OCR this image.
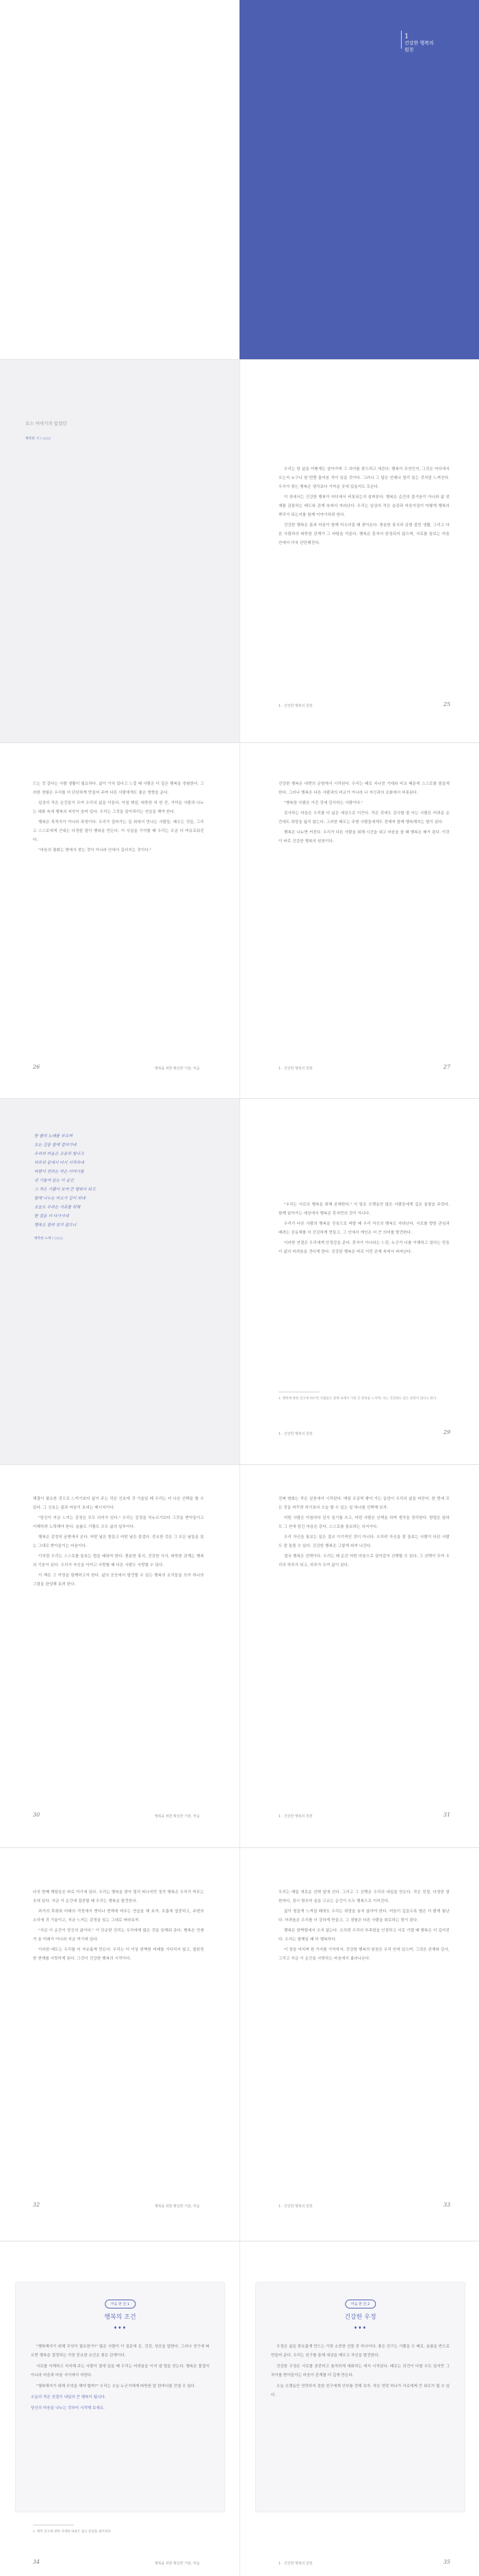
1
건강한 행복의
원천
오스 이야기의 있었던
행복한 시 / ○○○

우리는 한 삶을 어떻게든 살아가며 그 의미를 찾으려고 애쓴다. 행복이 무엇인지, 그것은 어디에서 오는지 누구나 한 번쯤 물어본 적이 있을 것이다. 그러나 그 답은 언제나 멀리 있는 것처럼 느껴진다. 우리가 찾는 행복은 생각보다 가까운 곳에 있을지도 모른다.

이 장에서는 건강한 행복이 어디에서 비롯되는지 살펴본다. 행복은 순간의 즐거움이 아니라 삶 전체를 관통하는 태도와 관계 속에서 자라난다. 우리는 일상의 작은 습관과 마음가짐이 어떻게 행복의 뿌리가 되는지를 함께 이야기하려 한다.

건강한 행복은 몸과 마음이 함께 어우러질 때 찾아온다. 충분한 휴식과 균형 잡힌 생활, 그리고 다른 사람과의 따뜻한 관계가 그 바탕을 이룬다. 행복은 혼자서 완성되지 않으며, 서로를 돌보는 마음 안에서 더욱 단단해진다.

1 · 건강한 행복의 원천	25

드는 것 같다는 사람 생활이 필요하다. 삶이 가치 있다고 느낄 때 사람은 더 깊은 행복을 경험한다. 그러한 경험은 우리를 더 단단하게 만들어 주며 다른 사람에게도 좋은 영향을 준다.

일상의 작은 순간들이 모여 우리의 삶을 이룬다. 아침 햇살, 따뜻한 차 한 잔, 가까운 사람과 나누는 대화 속에 행복의 씨앗이 숨어 있다. 우리는 그것을 알아차리는 연습을 해야 한다.

행복은 목적지가 아니라 과정이다. 우리가 걸어가는 길 위에서 만나는 사람들, 배우는 것들, 그리고 스스로에게 건네는 다정한 말이 행복을 만든다. 이 사실을 기억할 때 우리는 조금 더 여유로워진다.

"마음의 평화는 밖에서 찾는 것이 아니라 안에서 길러지는 것이다."

26	행복을 위한 확실한 기술, 마음

건강한 행복은 내면의 균형에서 시작된다. 우리는 때로 지나친 기대와 비교 때문에 스스로를 힘들게 한다. 그러나 행복은 다른 사람과의 비교가 아니라 나 자신과의 조화에서 비롯된다.

"행복한 사람은 가진 것에 감사하는 사람이다."

감사하는 마음은 우리를 더 넓은 세상으로 이끈다. 작은 것에도 감사할 줄 아는 사람은 어려운 순간에도 희망을 잃지 않는다. 그러한 태도는 주변 사람들에게도 전해져 함께 행복해지는 힘이 된다.

행복은 나누면 커진다. 우리가 다른 사람을 위해 시간을 내고 마음을 쓸 때 행복은 배가 된다. 이것이 바로 건강한 행복의 원천이다.

1 · 건강한 행복의 원천	27
한 줄의 노래를 부르며
오는 길을 함께 걸어가네
우리의 마음은 조용히 빛나고
하루의 끝에서 다시 시작하네
바람이 전하는 작은 이야기를
귀 기울여 듣는 이 순간
그 작은 기쁨이 모여 큰 행복이 되고
함께 나누는 미소가 길이 되네
오늘도 우리는 서로를 위해
한 걸음 더 다가서네
행복은 멀리 있지 않으니
행복한 노래 / ○○○

"우리는 서로의 행복을 위해 존재한다." 이 말은 오랫동안 많은 사람들에게 깊은 울림을 주었다. 함께 살아가는 세상에서 행복은 혼자만의 것이 아니다.

우리가 다른 사람의 행복을 진심으로 바랄 때 우리 자신의 행복도 자라난다. 서로를 향한 관심과 배려는 공동체를 더 건강하게 만들고, 그 안에서 개인은 더 큰 의미를 발견한다.

이러한 연결은 우리에게 안정감을 준다. 혼자가 아니라는 느낌, 누군가 나를 이해하고 있다는 믿음이 삶의 어려움을 견디게 한다. 건강한 행복은 바로 이런 관계 속에서 피어난다.

1. 행복에 관한 연구에 따르면 사람들은 관계 속에서 가장 큰 만족을 느끼며, 이는 건강과도 깊은 관련이 있다고 한다.
1 · 건강한 행복의 원천	29

해결이 필요한 것으로 느끼기보다 삶이 주는 작은 신호에 귀 기울일 때 우리는 더 나은 선택을 할 수 있다. 그 신호는 몸과 마음이 보내는 메시지이다.

"당신이 지금 느끼는 감정은 모두 의미가 있다." 우리는 감정을 억누르기보다 그것을 받아들이고 이해하려 노력해야 한다. 슬픔도 기쁨도 모두 삶의 일부이다.

행복은 감정의 균형에서 온다. 어떤 날은 힘들고 어떤 날은 즐겁다. 중요한 것은 그 모든 날들을 있는 그대로 받아들이는 마음이다.

이처럼 우리는 스스로를 돌보는 법을 배워야 한다. 충분한 휴식, 건강한 식사, 따뜻한 관계는 행복의 기본이 된다. 우리가 자신을 아끼고 사랑할 때 다른 사람도 사랑할 수 있다.

이 책은 그 여정을 함께하고자 한다. 삶의 곳곳에서 발견할 수 있는 행복의 조각들을 모아 하나의 그림을 완성해 보려 한다.

30	행복을 위한 확실한 기술, 마음

진짜 변화는 작은 실천에서 시작된다. 매일 조금씩 쌓아 가는 습관이 우리의 삶을 바꾼다. 한 번에 모든 것을 바꾸려 하기보다 오늘 할 수 있는 일 하나를 선택해 보자.

어떤 사람은 아침마다 감사 일기를 쓰고, 어떤 사람은 산책을 하며 생각을 정리한다. 방법은 달라도 그 안에 담긴 마음은 같다. 스스로를 돌보려는 의지이다.

우리 자신을 돌보는 일은 결코 이기적인 것이 아니다. 오히려 자신을 잘 돌보는 사람이 다른 사람도 잘 돌볼 수 있다. 건강한 행복은 그렇게 퍼져 나간다.

결국 행복은 선택이다. 우리는 매 순간 어떤 마음으로 살아갈지 선택할 수 있다. 그 선택이 모여 우리의 하루가 되고, 하루가 모여 삶이 된다.

1 · 건강한 행복의 원천	31

다섯 번째 깨달음은 바로 여기에 있다. 우리는 행복을 찾아 멀리 떠나지만 정작 행복은 우리가 머무는 곳에 있다. 지금 이 순간에 집중할 때 우리는 행복을 발견한다.

과거의 후회와 미래의 걱정에서 벗어나 현재에 머무는 연습을 해 보자. 호흡에 집중하고, 주변의 소리에 귀 기울이고, 지금 느끼는 감정을 있는 그대로 바라보자.

"지금 이 순간이 당신의 삶이다." 이 단순한 진리는 우리에게 많은 것을 일깨워 준다. 행복은 언젠가 올 미래가 아니라 지금 여기에 있다.

이러한 태도는 우리를 더 자유롭게 만든다. 우리는 더 이상 완벽한 미래를 기다리지 않고, 불완전한 현재를 사랑하게 된다. 그것이 건강한 행복의 시작이다.

32	행복을 위한 확실한 기술, 마음

우리는 매일 새로운 선택 앞에 선다. 그리고 그 선택은 우리의 내일을 만든다. 작은 친절, 다정한 말 한마디, 잠시 멈추어 숨을 고르는 순간이 모두 행복으로 이어진다.

삶이 힘들게 느껴질 때에도 우리는 희망을 놓지 않아야 한다. 어둠이 깊을수록 별은 더 밝게 빛난다. 어려움은 우리를 더 강하게 만들고, 그 경험은 다른 사람을 위로하는 힘이 된다.

행복은 완벽함에서 오지 않는다. 오히려 우리의 부족함을 인정하고 서로 기댈 때 행복은 더 깊어진다. 우리는 함께일 때 더 행복하다.

이 장을 마치며 한 가지를 기억하자. 건강한 행복의 원천은 우리 안에 있으며, 그것은 관계와 감사, 그리고 지금 이 순간을 사랑하는 마음에서 흘러나온다.

1 · 건강한 행복의 원천	33
마음 한 잔 1
행복의 조건
♦♦♦

"행복해지기 위해 무엇이 필요한가?" 많은 사람이 이 질문에 돈, 건강, 성공을 답한다. 그러나 연구에 따르면 행복을 결정하는 가장 중요한 요인은 좋은 관계이다.

서로를 이해하고 지지해 주는 사람이 곁에 있을 때 우리는 어려움을 이겨 낼 힘을 얻는다. 행복은 물질이 아니라 마음과 마음 사이에서 자란다.

"행복해지기 위해 무엇을 해야 할까?" 우리는 오늘 누군가에게 따뜻한 말 한마디를 건넬 수 있다.

오늘의 작은 친절이 내일의 큰 행복이 됩니다.

당신의 마음을 나누는 것부터 시작해 보세요.

1. 행복 연구에 관한 자세한 내용은 참고 문헌을 참조하라.
34	행복을 위한 확실한 기술, 마음
마음 한 잔 2
건강한 우정
♦♦♦

우정은 삶을 풍요롭게 만드는 가장 소중한 선물 중 하나이다. 좋은 친구는 기쁨을 두 배로, 슬픔을 반으로 만들어 준다. 우리는 친구를 통해 세상을 배우고 자신을 발견한다.

건강한 우정은 서로를 존중하고 솔직하게 대화하는 데서 시작된다. 때로는 의견이 다를 수도 있지만 그 차이를 받아들이는 마음이 관계를 더 깊게 만든다.

오늘 오랫동안 연락하지 못한 친구에게 안부를 전해 보자. 작은 연락 하나가 서로에게 큰 위로가 될 수 있다.

1 · 건강한 행복의 원천	35
